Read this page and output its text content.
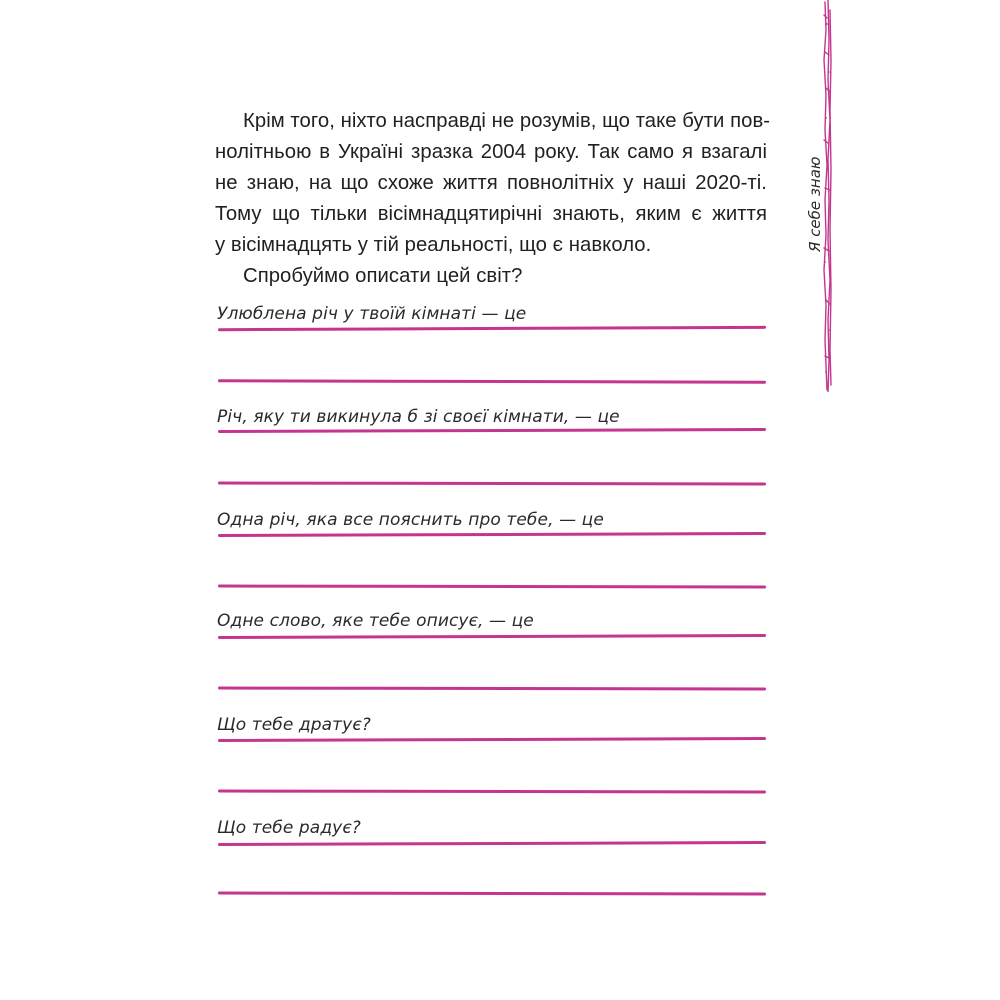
Крім того, ніхто насправді не розумів, що таке бути пов-
нолітньою в Україні зразка 2004 року. Так само я взагалі
не знаю, на що схоже життя повнолітніх у наші 2020-ті.
Тому що тільки вісімнадцятирічні знають, яким є життя
у вісімнадцять у тій реальності, що є навколо.
Спробуймо описати цей світ?
Улюблена річ у твоїй кімнаті — це
Річ, яку ти викинула б зі своєї кімнати, — це
Одна річ, яка все пояснить про тебе, — це
Одне слово, яке тебе описує, — це
Що тебе дратує?
Що тебе радує?
Я себе знаю
